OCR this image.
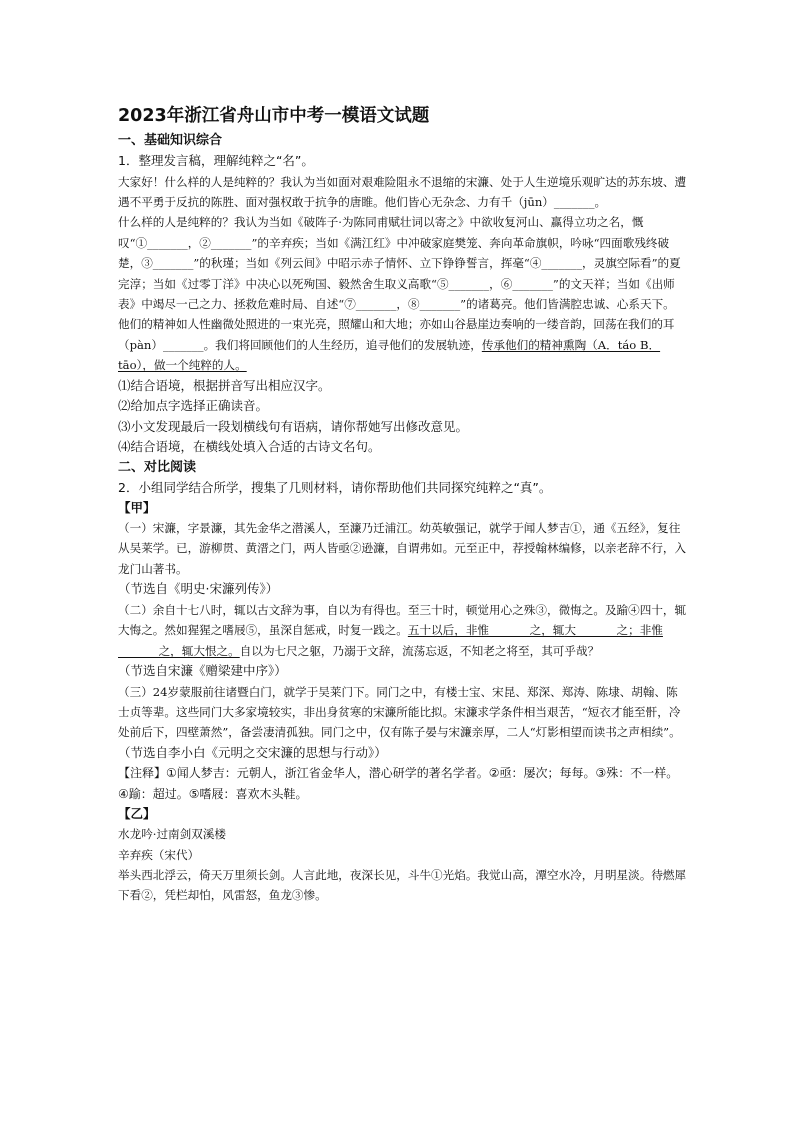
2023年浙江省舟山市中考一模语文试题

一、基础知识综合

1．整理发言稿，理解纯粹之“名”。

大家好！什么样的人是纯粹的？我认为当如面对艰难险阻永不退缩的宋濂、处于人生逆境乐观旷达的苏东坡、遭遇不平勇于反抗的陈胜、面对强权敢于抗争的唐睢。他们皆心无杂念、力有千（jūn）_______。

什么样的人是纯粹的？我认为当如《破阵子·为陈同甫赋壮词以寄之》中欲收复河山、赢得立功之名，慨叹“①_______，②_______”的辛弃疾；当如《满江红》中冲破家庭樊笼、奔向革命旗帜，吟咏“四面歌残终破楚，③_______”的秋瑾；当如《列云间》中昭示赤子情怀、立下铮铮誓言，挥毫“④_______，灵旗空际看”的夏完淳；当如《过零丁洋》中决心以死殉国、毅然舍生取义高歌“⑤_______，⑥_______”的文天祥；当如《出师表》中竭尽一己之力、拯救危难时局、自述“⑦_______，⑧_______”的诸葛亮。他们皆满腔忠诚、心系天下。

他们的精神如人性幽微处照进的一束光亮，照耀山和大地；亦如山谷悬崖边奏响的一缕音韵，回荡在我们的耳（pàn）_______。我们将回顾他们的人生经历，追寻他们的发展轨迹，传承他们的精神熏陶（A．táo B．tāo），做一个纯粹的人。

⑴结合语境，根据拼音写出相应汉字。

⑵给加点字选择正确读音。

⑶小文发现最后一段划横线句有语病，请你帮她写出修改意见。

⑷结合语境，在横线处填入合适的古诗文名句。

二、对比阅读

2．小组同学结合所学，搜集了几则材料，请你帮助他们共同探究纯粹之“真”。

【甲】

（一）宋濂，字景濂，其先金华之潜溪人，至濂乃迁浦江。幼英敏强记，就学于闻人梦吉①，通《五经》，复往从吴莱学。已，游柳贯、黄溍之门，两人皆亟②逊濂，自谓弗如。元至正中，荐授翰林编修，以亲老辞不行，入龙门山著书。

（节选自《明史·宋濂列传》）

（二）余自十七八时，辄以古文辞为事，自以为有得也。至三十时，顿觉用心之殊③，微悔之。及踰④四十，辄大悔之。然如猩猩之嗜屐⑤，虽深自惩戒，时复一践之。五十以后，非惟_______之，辄大_______之；非惟_______之，辄大恨之。自以为七尺之躯，乃溺于文辞，流荡忘返，不知老之将至，其可乎哉？

（节选自宋濂《赠梁建中序》）

（三）24岁蒙服前往诸暨白门，就学于吴莱门下。同门之中，有楼士宝、宋昆、郑深、郑涛、陈埭、胡翰、陈士贞等辈。这些同门大多家境较实，非出身贫寒的宋濂所能比拟。宋濂求学条件相当艰苦，“短衣才能至骭，冷处前后下，四壁萧然”，备尝凄清孤独。同门之中，仅有陈子晏与宋濂亲厚，二人“灯影相望而读书之声相续”。

（节选自李小白《元明之交宋濂的思想与行动》）

【注释】①闻人梦吉：元朝人，浙江省金华人，潜心研学的著名学者。②亟：屡次；每每。③殊：不一样。④踰：超过。⑤嗜屐：喜欢木头鞋。

【乙】

水龙吟·过南剑双溪楼

辛弃疾（宋代）

举头西北浮云，倚天万里须长剑。人言此地，夜深长见，斗牛①光焰。我觉山高，潭空水冷，月明星淡。待燃犀下看②，凭栏却怕，风雷怒，鱼龙③惨。
